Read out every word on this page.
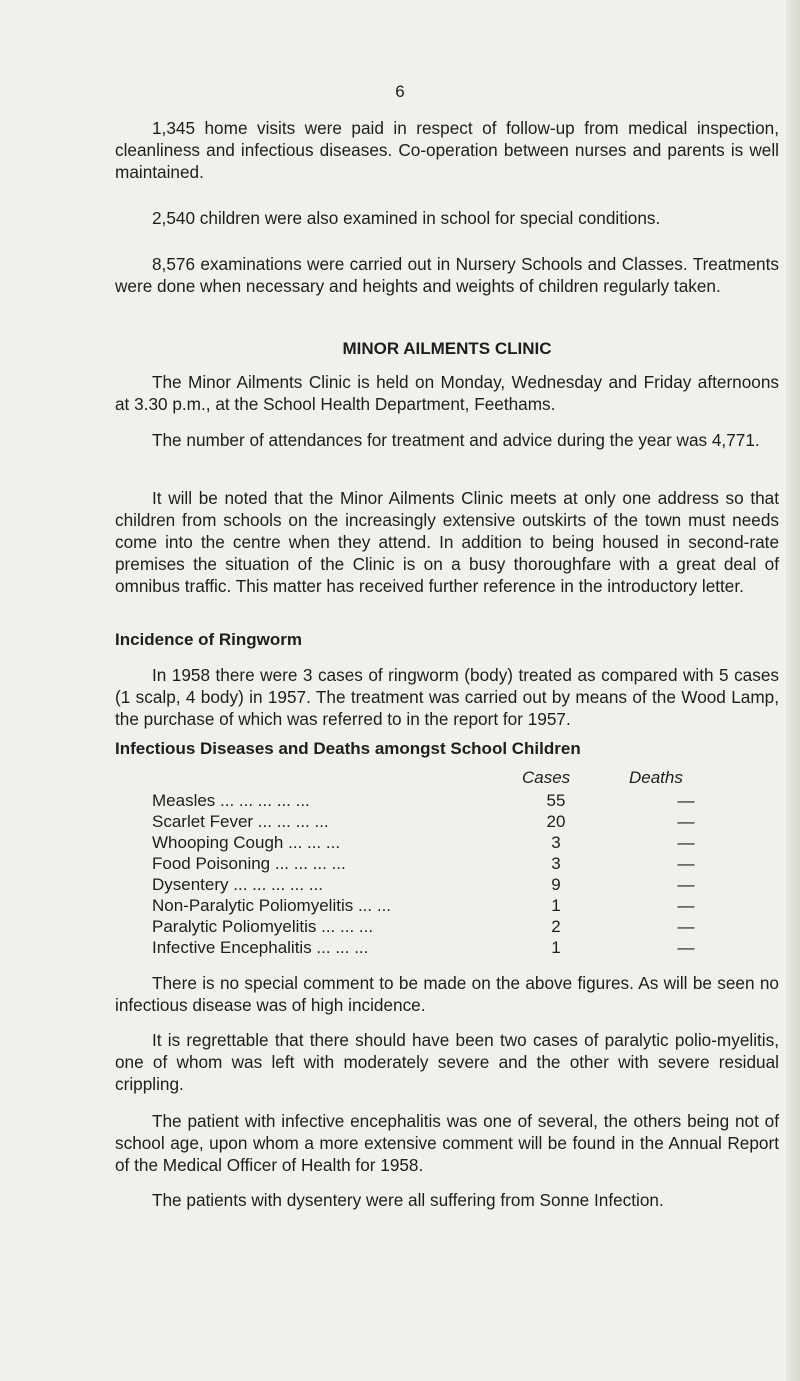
6

1,345 home visits were paid in respect of follow-up from medical inspection, cleanliness and infectious diseases. Co-operation between nurses and parents is well maintained.

2,540 children were also examined in school for special conditions.

8,576 examinations were carried out in Nursery Schools and Classes. Treatments were done when necessary and heights and weights of children regularly taken.

MINOR AILMENTS CLINIC

The Minor Ailments Clinic is held on Monday, Wednesday and Friday afternoons at 3.30 p.m., at the School Health Department, Feethams.

The number of attendances for treatment and advice during the year was 4,771.

It will be noted that the Minor Ailments Clinic meets at only one address so that children from schools on the increasingly extensive outskirts of the town must needs come into the centre when they attend. In addition to being housed in second-rate premises the situation of the Clinic is on a busy thoroughfare with a great deal of omnibus traffic. This matter has received further reference in the introductory letter.

Incidence of Ringworm

In 1958 there were 3 cases of ringworm (body) treated as compared with 5 cases (1 scalp, 4 body) in 1957. The treatment was carried out by means of the Wood Lamp, the purchase of which was referred to in the report for 1957.

Infectious Diseases and Deaths amongst School Children
Cases	Deaths
Measles ... ... ... ... ...	55	—
Scarlet Fever ... ... ... ...	20	—
Whooping Cough ... ... ...	3	—
Food Poisoning ... ... ... ...	3	—
Dysentery ... ... ... ... ...	9	—
Non-Paralytic Poliomyelitis ... ...	1	—
Paralytic Poliomyelitis ... ... ...	2	—
Infective Encephalitis ... ... ...	1	—

There is no special comment to be made on the above figures. As will be seen no infectious disease was of high incidence.

It is regrettable that there should have been two cases of paralytic polio-myelitis, one of whom was left with moderately severe and the other with severe residual crippling.

The patient with infective encephalitis was one of several, the others being not of school age, upon whom a more extensive comment will be found in the Annual Report of the Medical Officer of Health for 1958.

The patients with dysentery were all suffering from Sonne Infection.
